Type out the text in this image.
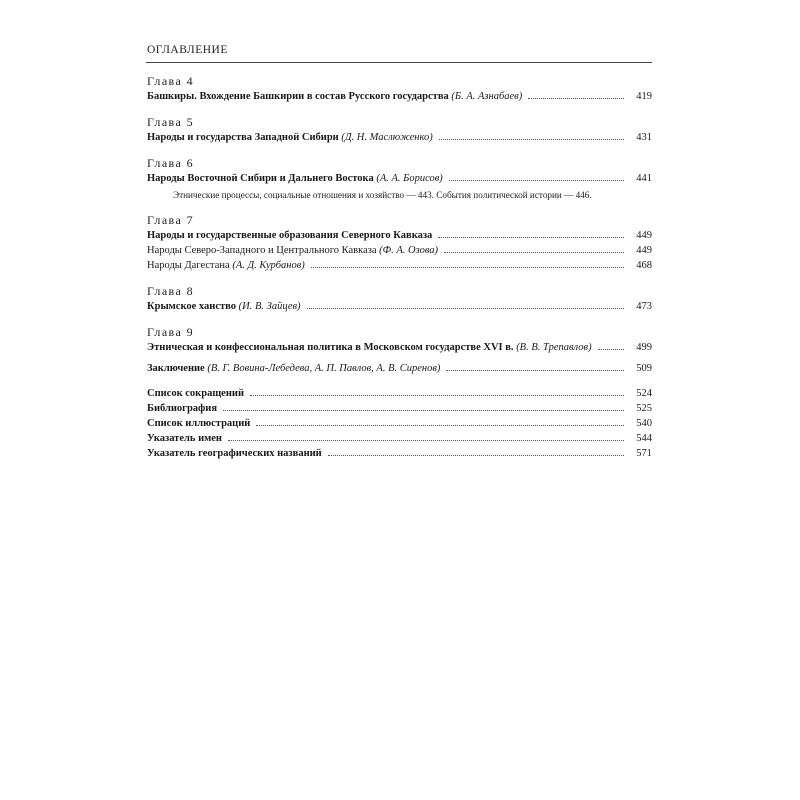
ОГЛАВЛЕНИЕ
Глава 4
Башкиры. Вхождение Башкирии в состав Русского государства (Б. А. Азнабаев)	419
Глава 5
Народы и государства Западной Сибири (Д. Н. Маслюженко)	431
Глава 6
Народы Восточной Сибири и Дальнего Востока (А. А. Борисов)	441
Этнические процессы, социальные отношения и хозяйство — 443. События политической истории — 446.
Глава 7
Народы и государственные образования Северного Кавказа	449
Народы Северо-Западного и Центрального Кавказа (Ф. А. Озова)	449
Народы Дагестана (А. Д. Курбанов)	468
Глава 8
Крымское ханство (И. В. Зайцев)	473
Глава 9
Этническая и конфессиональная политика в Московском государстве XVI в. (В. В. Трепавлов)	499
Заключение (В. Г. Вовина-Лебедева, А. П. Павлов, А. В. Сиренов)	509
Список сокращений	524
Библиография	525
Список иллюстраций	540
Указатель имен	544
Указатель географических названий	571
